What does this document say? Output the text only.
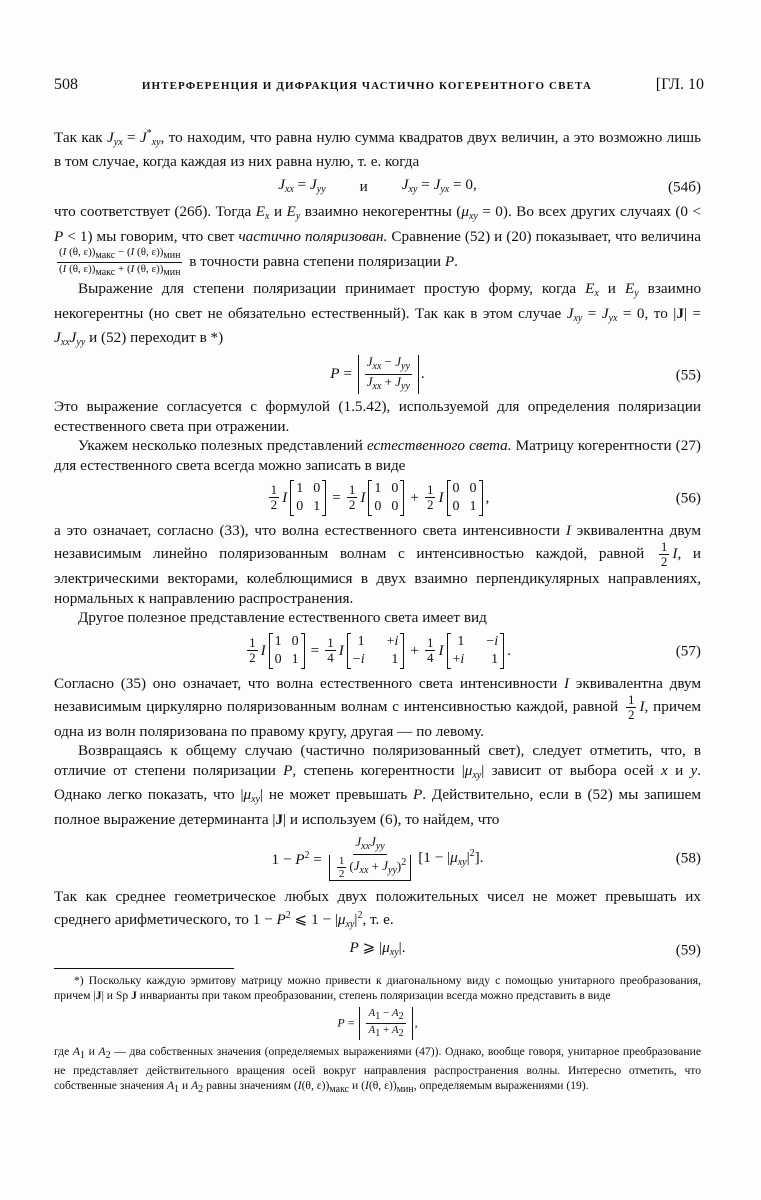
508	ИНТЕРФЕРЕНЦИЯ И ДИФРАКЦИЯ ЧАСТИЧНО КОГЕРЕНТНОГО СВЕТА	[ГЛ. 10

Так как $J_{yx} = J^*_{xy}$, то находим, что равна нулю сумма квадратов двух величин, а это возможно лишь в том случае, когда каждая из них равна нулю, т. е. когда

$J_{xx} = J_{yy}$ и $J_{xy} = J_{yx} = 0$,	(54б)

что соответствует (26б). Тогда $E_x$ и $E_y$ взаимно некогерентны $(\mu_{xy} = 0)$. Во всех других случаях (0 < P < 1) мы говорим, что свет частично поляризован. Сравнение (52) и (20) показывает, что величина
$\frac{(I (\theta, \varepsilon))_{макс} - (I (\theta, \varepsilon))_{мин}}{(I (\theta, \varepsilon))_{макс} + (I (\theta, \varepsilon))_{мин}}$ в точности равна степени поляризации P.

Выражение для степени поляризации принимает простую форму, когда $E_x$ и $E_y$ взаимно некогерентны (но свет не обязательно естественный). Так как в этом случае $J_{xy} = J_{yx} = 0$, то $|J| = J_{xx}J_{yy}$ и (52) переходит в *)

$P = \frac{J_{xx} - J_{yy}}{J_{xx} + J_{yy}}$ .	(55)

Это выражение согласуется с формулой (1.5.42), используемой для определения поляризации естественного света при отражении.

Укажем несколько полезных представлений естественного света. Матрицу когерентности (27) для естественного света всегда можно записать в виде

$\frac{1}{2}$ I
1 0
0 1
= $\frac{1}{2}$ I
1 0
0 0
+ $\frac{1}{2}$ I
0 0
0 1
,	(56)

а это означает, согласно (33), что волна естественного света интенсивности I эквивалентна двум независимым линейно поляризованным волнам с интенсивностью каждой, равной $\frac{1}{2} I$, и электрическими векторами, колеблющимися в двух взаимно перпендикулярных направлениях, нормальных к направлению распространения.

Другое полезное представление естественного света имеет вид

$\frac{1}{2}$ I
1 0
0 1
= $\frac{1}{4}$ I
1 +i
−i	1
+ $\frac{1}{4}$ I
1 −i
+i	1
.	(57)

Согласно (35) оно означает, что волна естественного света интенсивности I эквивалентна двум независимым циркулярно поляризованным волнам с интенсивностью каждой, равной $\frac{1}{2} I$, причем одна из волн поляризована по правому кругу, другая — по левому.

Возвращаясь к общему случаю (частично поляризованный свет), следует отметить, что, в отличие от степени поляризации P, степень когерентности $|\mu_{xy}|$ зависит от выбора осей x и y. Однако легко показать, что $|\mu_{xy}|$ не может превышать P. Действительно, если в (52) мы запишем полное выражение детерминанта |J| и используем (6), то найдем, что

$1 - P^2 = \frac{J_{xx}J_{yy}}{\frac{1}{2} (J_{xx} + J_{yy})^2} [1 - |\mu_{xy}|^2]$.	(58)

Так как среднее геометрическое любых двух положительных чисел не может превышать их среднего арифметического, то $1 - P^2$ ⩽ $1 - |\mu_{xy}|^2$, т. е.

P ⩾ $|\mu_{xy}|$.	(59)

*) Поскольку каждую эрмитову матрицу можно привести к диагональному виду с помощью унитарного преобразования, причем |J| и Sp J инварианты при таком преобразовании, степень поляризации всегда можно представить в виде

$P = \frac{A_1 - A_2}{A_1 + A_2}$ ,

где $A_1$ и $A_2$ — два собственных значения (определяемых выражениями (47)). Однако, вообще говоря, унитарное преобразование не представляет действительного вращения осей вокруг направления распространения волны. Интересно отметить, что собственные значения $A_1$ и $A_2$ равны значениям (I(θ, $\varepsilon))_{макс}$ и (I(θ, $\varepsilon))_{мин}$, определяемым выражениями (19).
